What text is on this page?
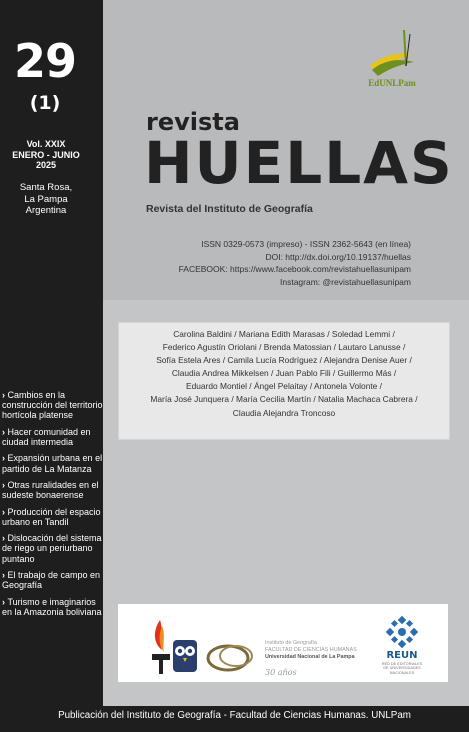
29
(1)
Vol. XXIX
ENERO - JUNIO
2025
Santa Rosa,
La Pampa
Argentina
› Cambios en la construcción del territorio hortícola platense
› Hacer comunidad en ciudad intermedia
› Expansión urbana en el partido de La Matanza
› Otras ruralidades en el sudeste bonaerense
› Producción del espacio urbano en Tandil
› Dislocación del sistema de riego un periurbano puntano
› El trabajo de campo en Geografía
› Turismo e imaginarios en la Amazonia boliviana
EdUNLPam
revista
HUELLAS
Revista del Instituto de Geografía
ISSN 0329-0573 (impreso) - ISSN 2362-5643 (en línea)
DOI: http://dx.doi.org/10.19137/huellas
FACEBOOK: https://www.facebook.com/revistahuellasunipam
Instagram: @revistahuellasunipam
Carolina Baldini / Mariana Edith Marasas / Soledad Lemmi /
Federico Agustín Oriolani / Brenda Matossian / Lautaro Lanusse /
Sofía Estela Ares / Camila Lucía Rodríguez / Alejandra Denise Auer /
Claudia Andrea Mikkelsen / Juan Pablo Fili / Guillermo Más /
Eduardo Montiel / Ángel Pelaitay / Antonela Volonte /
María José Junquera / María Cecilia Martín / Natalia Machaca Cabrera /
Claudia Alejandra Troncoso
Instituto de Geografía
FACULTAD DE CIENCIAS HUMANAS
Universidad Nacional de La Pampa
30 años
REUN
RED DE EDITORIALES
DE UNIVERSIDADES
NACIONALES
Publicación del Instituto de Geografía - Facultad de Ciencias Humanas. UNLPam
